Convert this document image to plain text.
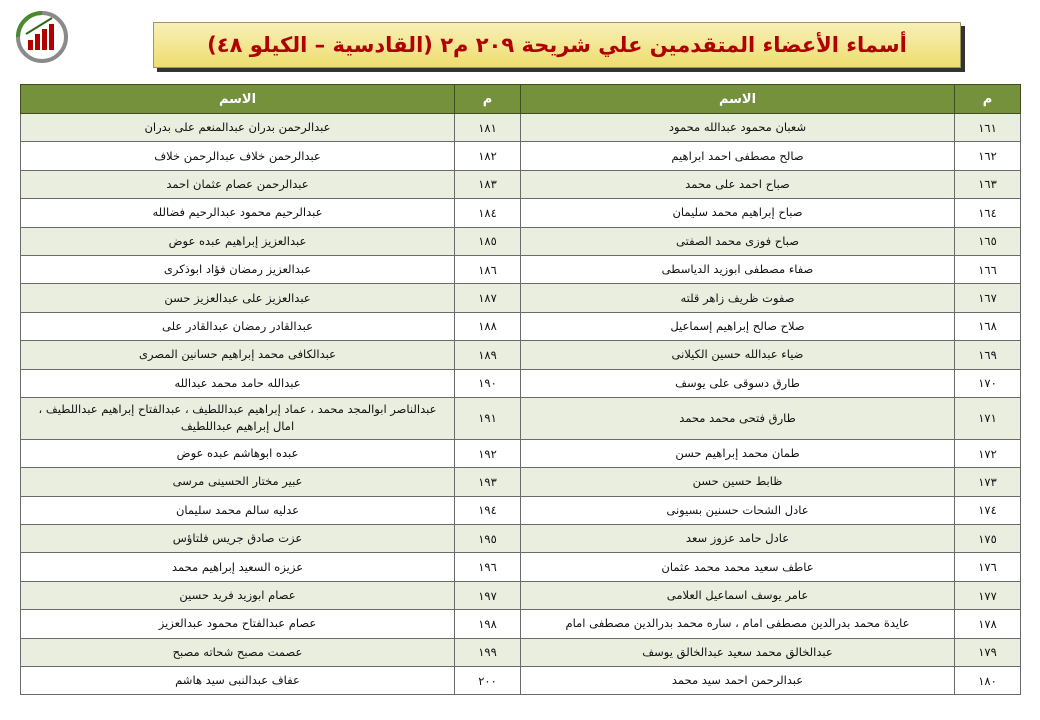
أسماء الأعضاء المتقدمين علي شريحة ٢٠٩ م٢ (القادسية – الكيلو ٤٨)
م	الاسم	م	الاسم
١٦١	شعبان محمود عبدالله محمود	١٨١	عبدالرحمن بدران عبدالمنعم على بدران
١٦٢	صالح مصطفى احمد ابراهيم	١٨٢	عبدالرحمن خلاف عبدالرحمن خلاف
١٦٣	صباح احمد على محمد	١٨٣	عبدالرحمن عصام عثمان احمد
١٦٤	صباح إبراهيم محمد سليمان	١٨٤	عبدالرحيم محمود عبدالرحيم فضالله
١٦٥	صباح فوزى محمد الصفتى	١٨٥	عبدالعزيز إبراهيم عبده عوض
١٦٦	صفاء مصطفى ابوزيد الدياسطى	١٨٦	عبدالعزيز رمضان فؤاد ابوذكرى
١٦٧	صفوت ظريف زاهر قلته	١٨٧	عبدالعزيز على عبدالعزيز حسن
١٦٨	صلاح صالح إبراهيم إسماعيل	١٨٨	عبدالقادر رمضان عبدالقادر على
١٦٩	ضياء عبدالله حسين الكيلانى	١٨٩	عبدالكافى محمد إبراهيم حسانين المصرى
١٧٠	طارق دسوقى على يوسف	١٩٠	عبدالله حامد محمد عبدالله
١٧١	طارق فتحى محمد محمد	١٩١	عبدالناصر ابوالمجد محمد ، عماد إبراهيم عبداللطيف ، عبدالفتاح إبراهيم عبداللطيف ، امال إبراهيم عبداللطيف
١٧٢	طمان محمد إبراهيم حسن	١٩٢	عبده ابوهاشم عبده عوض
١٧٣	ظابط حسين حسن	١٩٣	عبير مختار الحسينى مرسى
١٧٤	عادل الشحات حسنين بسيونى	١٩٤	عدليه سالم محمد سليمان
١٧٥	عادل حامد عزوز سعد	١٩٥	عزت صادق جريس فلتاؤس
١٧٦	عاطف سعيد محمد محمد عثمان	١٩٦	عزيزه السعيد إبراهيم محمد
١٧٧	عامر يوسف اسماعيل العلامى	١٩٧	عصام ابوزيد فريد حسين
١٧٨	عايدة محمد بدرالدين مصطفى امام ، ساره محمد بدرالدين مصطفى امام	١٩٨	عصام عبدالفتاح محمود عبدالعزيز
١٧٩	عبدالخالق محمد سعيد عبدالخالق يوسف	١٩٩	عصمت مصبح شحاته مصبح
١٨٠	عبدالرحمن احمد سيد محمد	٢٠٠	عفاف عبدالنبى سيد هاشم
